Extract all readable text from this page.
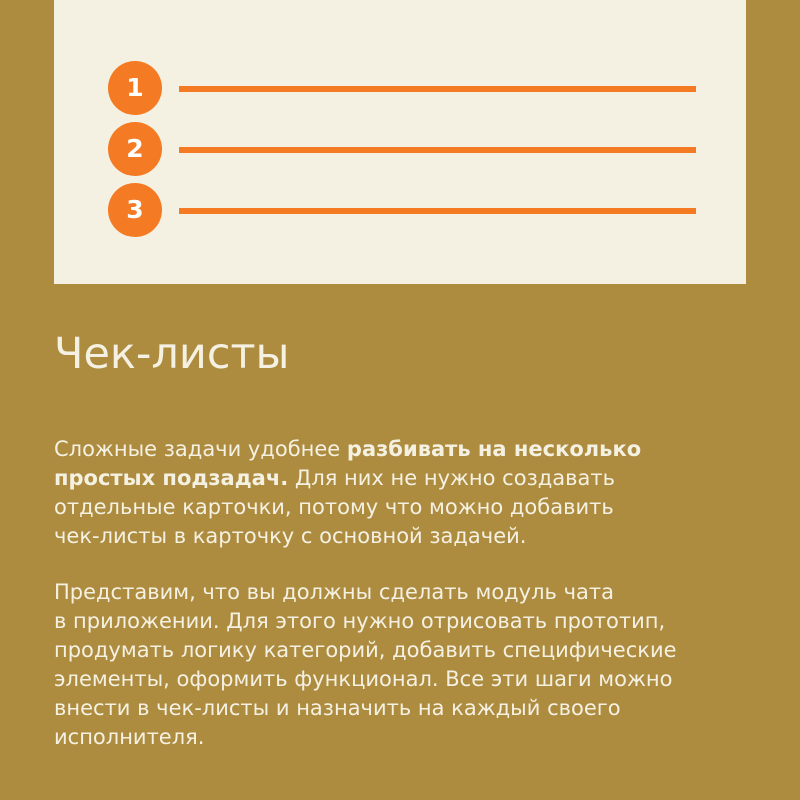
1
2
3
Чек-листы

Сложные задачи удобнее разбивать на несколько
простых подзадач. Для них не нужно создавать
отдельные карточки, потому что можно добавить
чек-листы в карточку с основной задачей.

Представим, что вы должны сделать модуль чата
в приложении. Для этого нужно отрисовать прототип,
продумать логику категорий, добавить специфические
элементы, оформить функционал. Все эти шаги можно
внести в чек-листы и назначить на каждый своего
исполнителя.
